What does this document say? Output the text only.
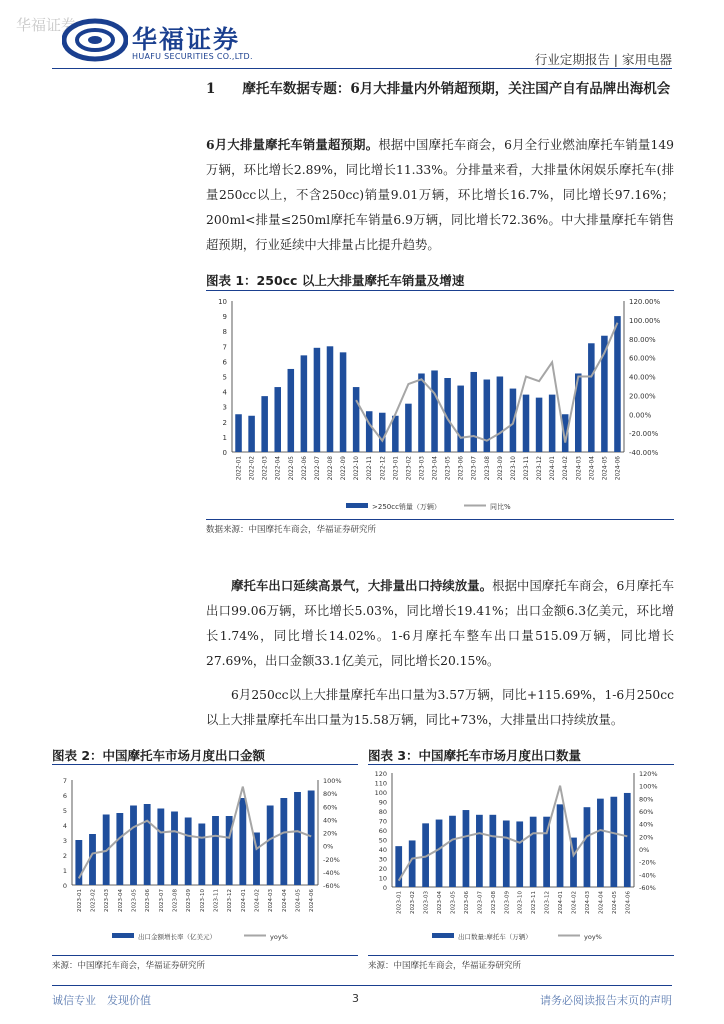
华福证券 华福证券
HUAFU SECURITIES CO.,LTD.	行业定期报告 | 家用电器
1　　摩托车数据专题：6月大排量内外销超预期，关注国产自有品牌出海机会
6月大排量摩托车销量超预期。根据中国摩托车商会，6月全行业燃油摩托车销量149万辆，环比增长2.89%，同比增长11.33%。分排量来看，大排量休闲娱乐摩托车(排量250cc以上，不含250cc)销量9.01万辆，环比增长16.7%，同比增长97.16%；200ml<排量≤250ml摩托车销量6.9万辆，同比增长72.36%。中大排量摩托车销售超预期，行业延续中大排量占比提升趋势。
图表 1：250cc 以上大排量摩托车销量及增速
0
1
2
3
4
5
6
7
8
9
10
-40.00%
-20.00%
0.00%
20.00%
40.00%
60.00%
80.00%
100.00%
120.00%
2022-01 2022-02 2022-03 2022-04 2022-05 2022-06 2022-07 2022-08 2022-09 2022-10 2022-11 2022-12 2023-01 2023-02 2023-03 2023-04 2023-05 2023-06 2023-07 2023-08 2023-09 2023-10 2023-11 2023-12 2024-01 2024-02 2024-03 2024-04 2024-05 2024-06
>250cc销量（万辆）	同比%
数据来源：中国摩托车商会，华福证券研究所
摩托车出口延续高景气，大排量出口持续放量。根据中国摩托车商会，6月摩托车出口99.06万辆，环比增长5.03%，同比增长19.41%；出口金额6.3亿美元，环比增长1.74%，同比增长14.02%。1-6月摩托车整车出口量515.09万辆，同比增长27.69%，出口金额33.1亿美元，同比增长20.15%。
6月250cc以上大排量摩托车出口量为3.57万辆，同比+115.69%，1-6月250cc以上大排量摩托车出口量为15.58万辆，同比+73%，大排量出口持续放量。
图表 2：中国摩托车市场月度出口金额
0
1
2
3
4
5
6
7
-60%
-40%
-20%
0%
20%
40%
60%
80%
100%
2023-01 2023-02 2023-03 2023-04 2023-05 2023-06 2023-07 2023-08 2023-09 2023-10 2023-11 2023-12 2024-01 2024-02 2024-03 2024-04 2024-05 2024-06
出口金额增长率（亿美元）	yoy%
来源：中国摩托车商会，华福证券研究所
图表 3：中国摩托车市场月度出口数量
0
10
20
30
40
50
60
70
80
90
100
110
120
-60%
-40%
-20%
0%
20%
40%
60%
80%
100%
120%
2023-01 2023-02 2023-03 2023-04 2023-05 2023-06 2023-07 2023-08 2023-09 2023-10 2023-11 2023-12 2024-01 2024-02 2024-03 2024-04 2024-05 2024-06
出口数量:摩托车（万辆）	yoy%
来源：中国摩托车商会，华福证券研究所
诚信专业　发现价值	3	请务必阅读报告末页的声明
